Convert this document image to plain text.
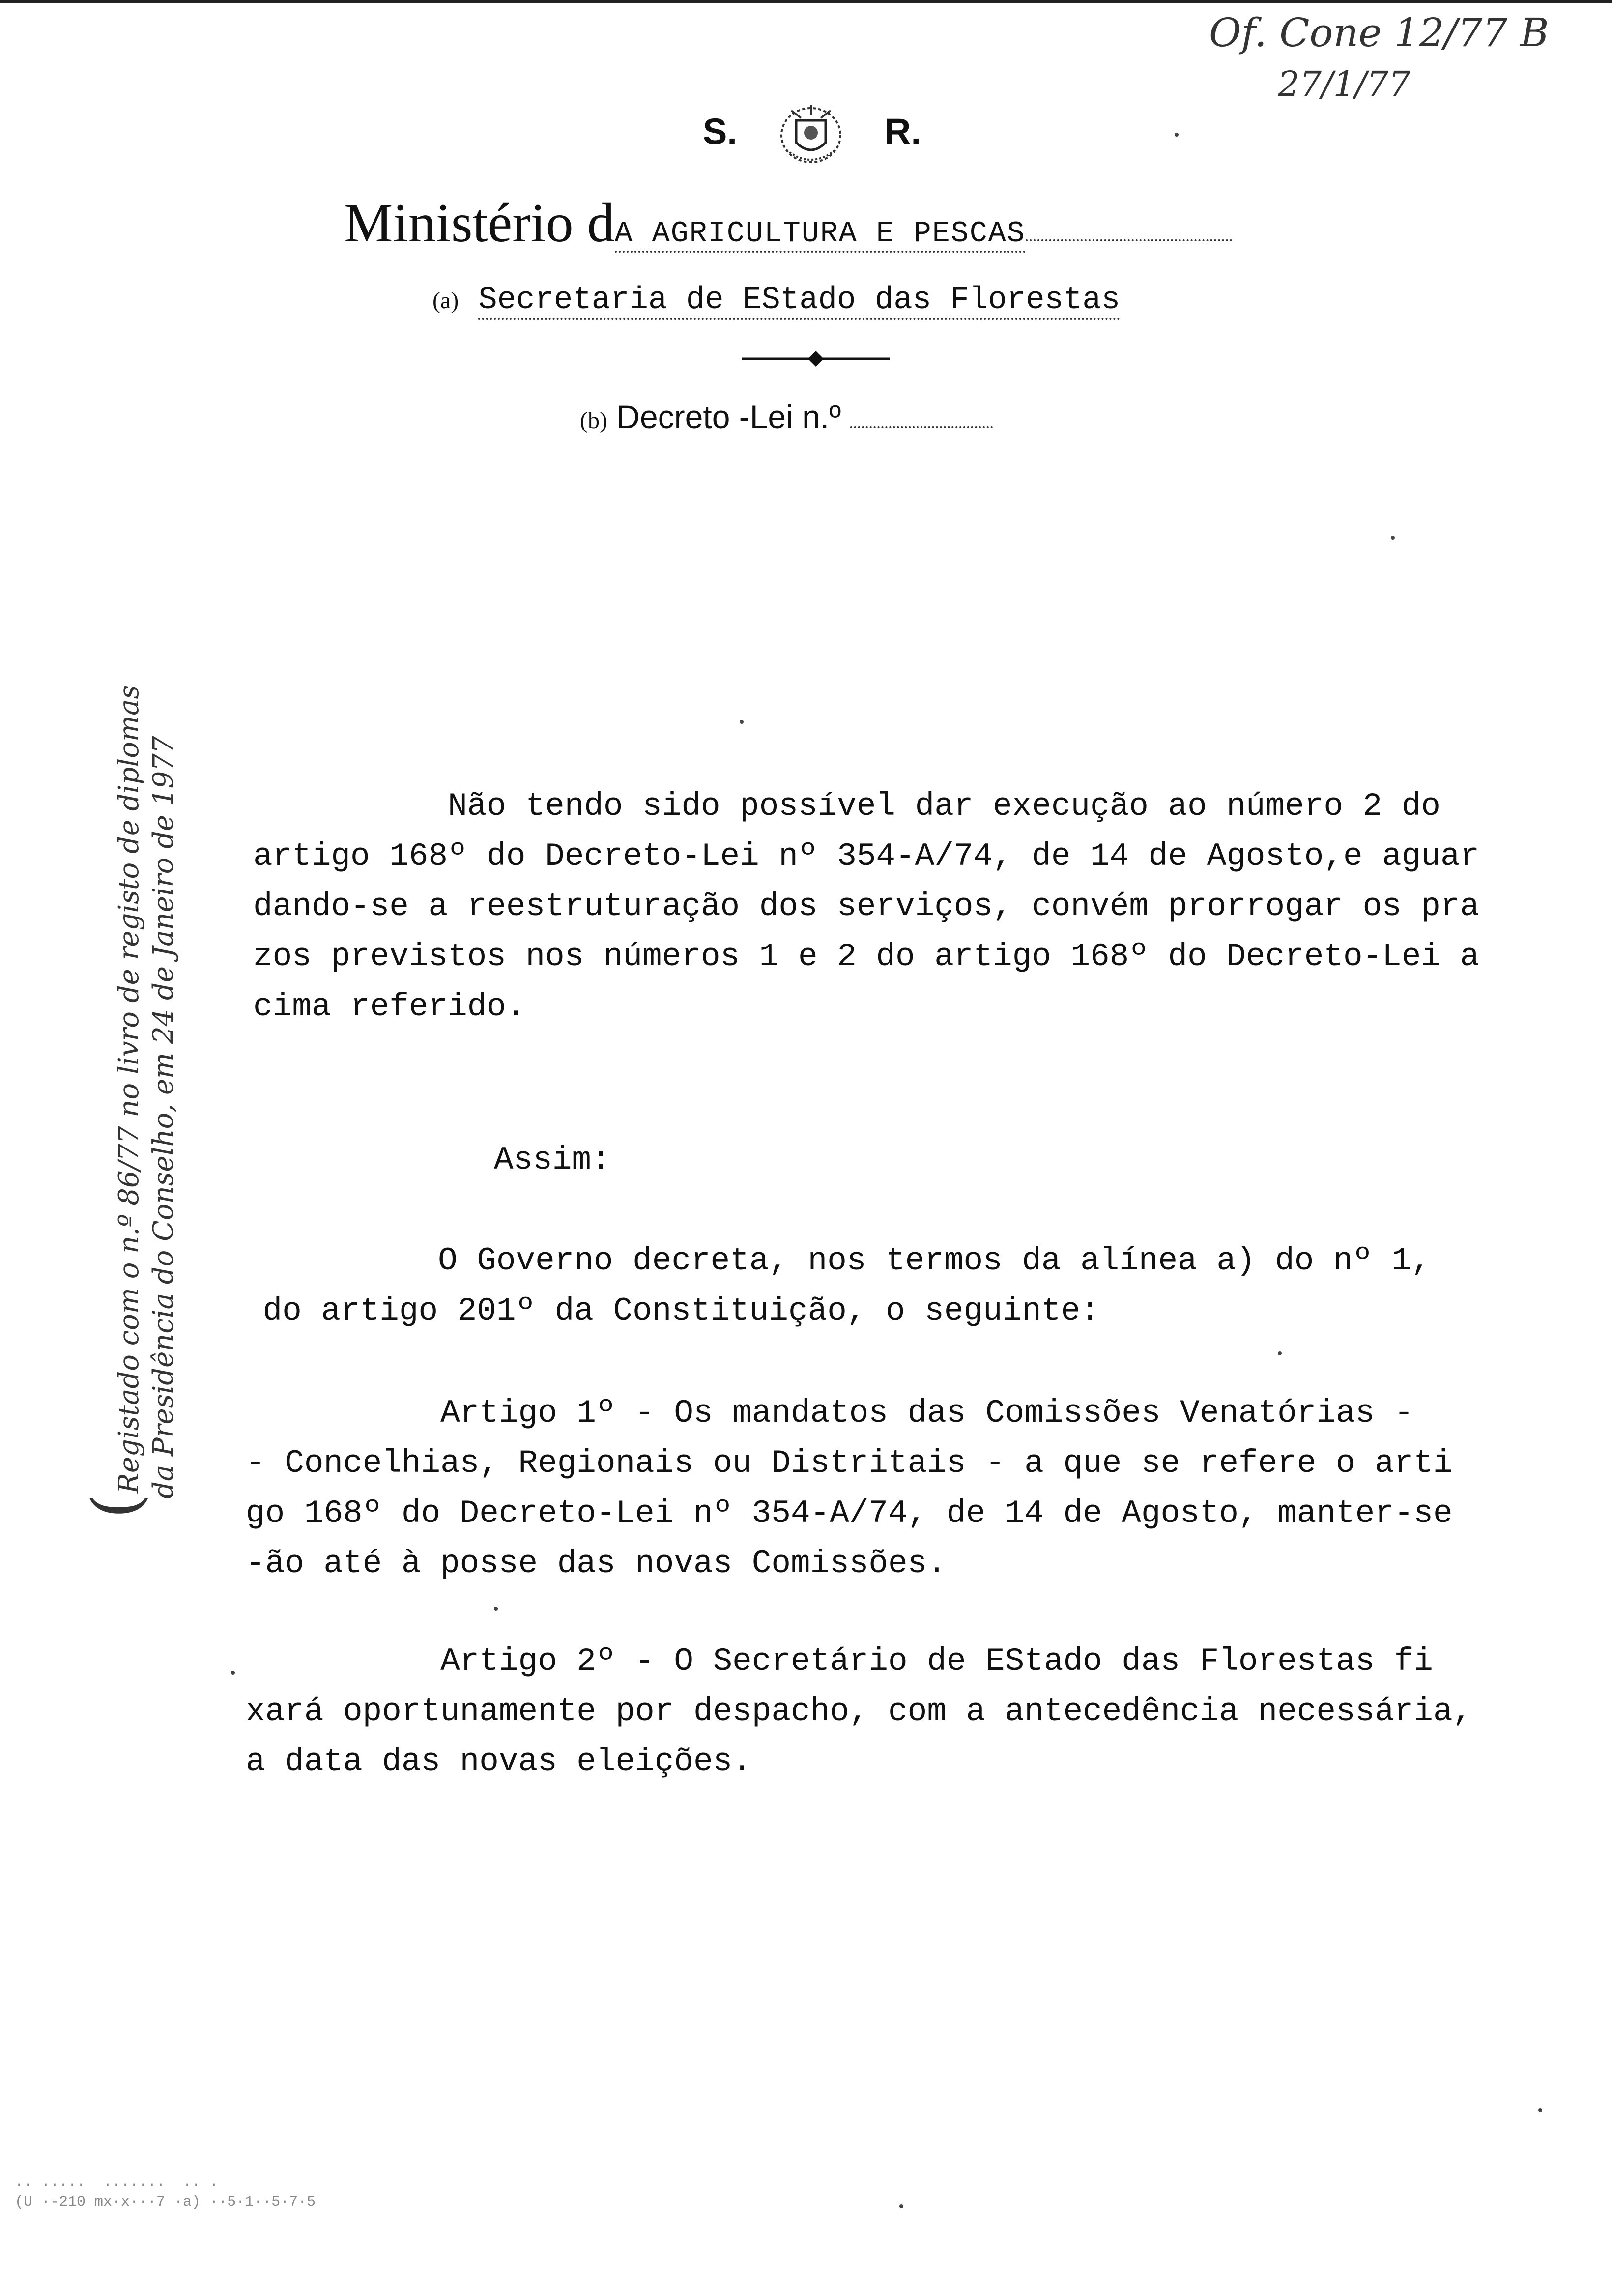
Of. Cone 12/77 B
27/1/77
S.	R.
Ministério dA AGRICULTURA E PESCAS
(a) Secretaria de EStado das Florestas
(b) Decreto -Lei n.º
(Registado com o n.º 86/77 no livro de registo de diplomas da Presidência do Conselho, em 24 de Janeiro de 1977	Não tendo sido possível dar execução ao número 2 do
artigo 168º do Decreto-Lei nº 354-A/74, de 14 de Agosto,e aguar
dando-se a reestruturação dos serviços, convém prorrogar os pra
zos previstos nos números 1 e 2 do artigo 168º do Decreto-Lei a
cima referido.
Assim:
O Governo decreta, nos termos da alínea a) do nº 1,
do artigo 201º da Constituição, o seguinte:
Artigo 1º - Os mandatos das Comissões Venatórias -
- Concelhias, Regionais ou Distritais - a que se refere o arti
go 168º do Decreto-Lei nº 354-A/74, de 14 de Agosto, manter-se
-ão até à posse das novas Comissões.
Artigo 2º - O Secretário de EStado das Florestas fi
xará oportunamente por despacho, com a antecedência necessária,
a data das novas eleições.
·· ·····  ·······  ·· ·
(U ·-210 mx·x···7 ·a) ··5·1··5·7·5
